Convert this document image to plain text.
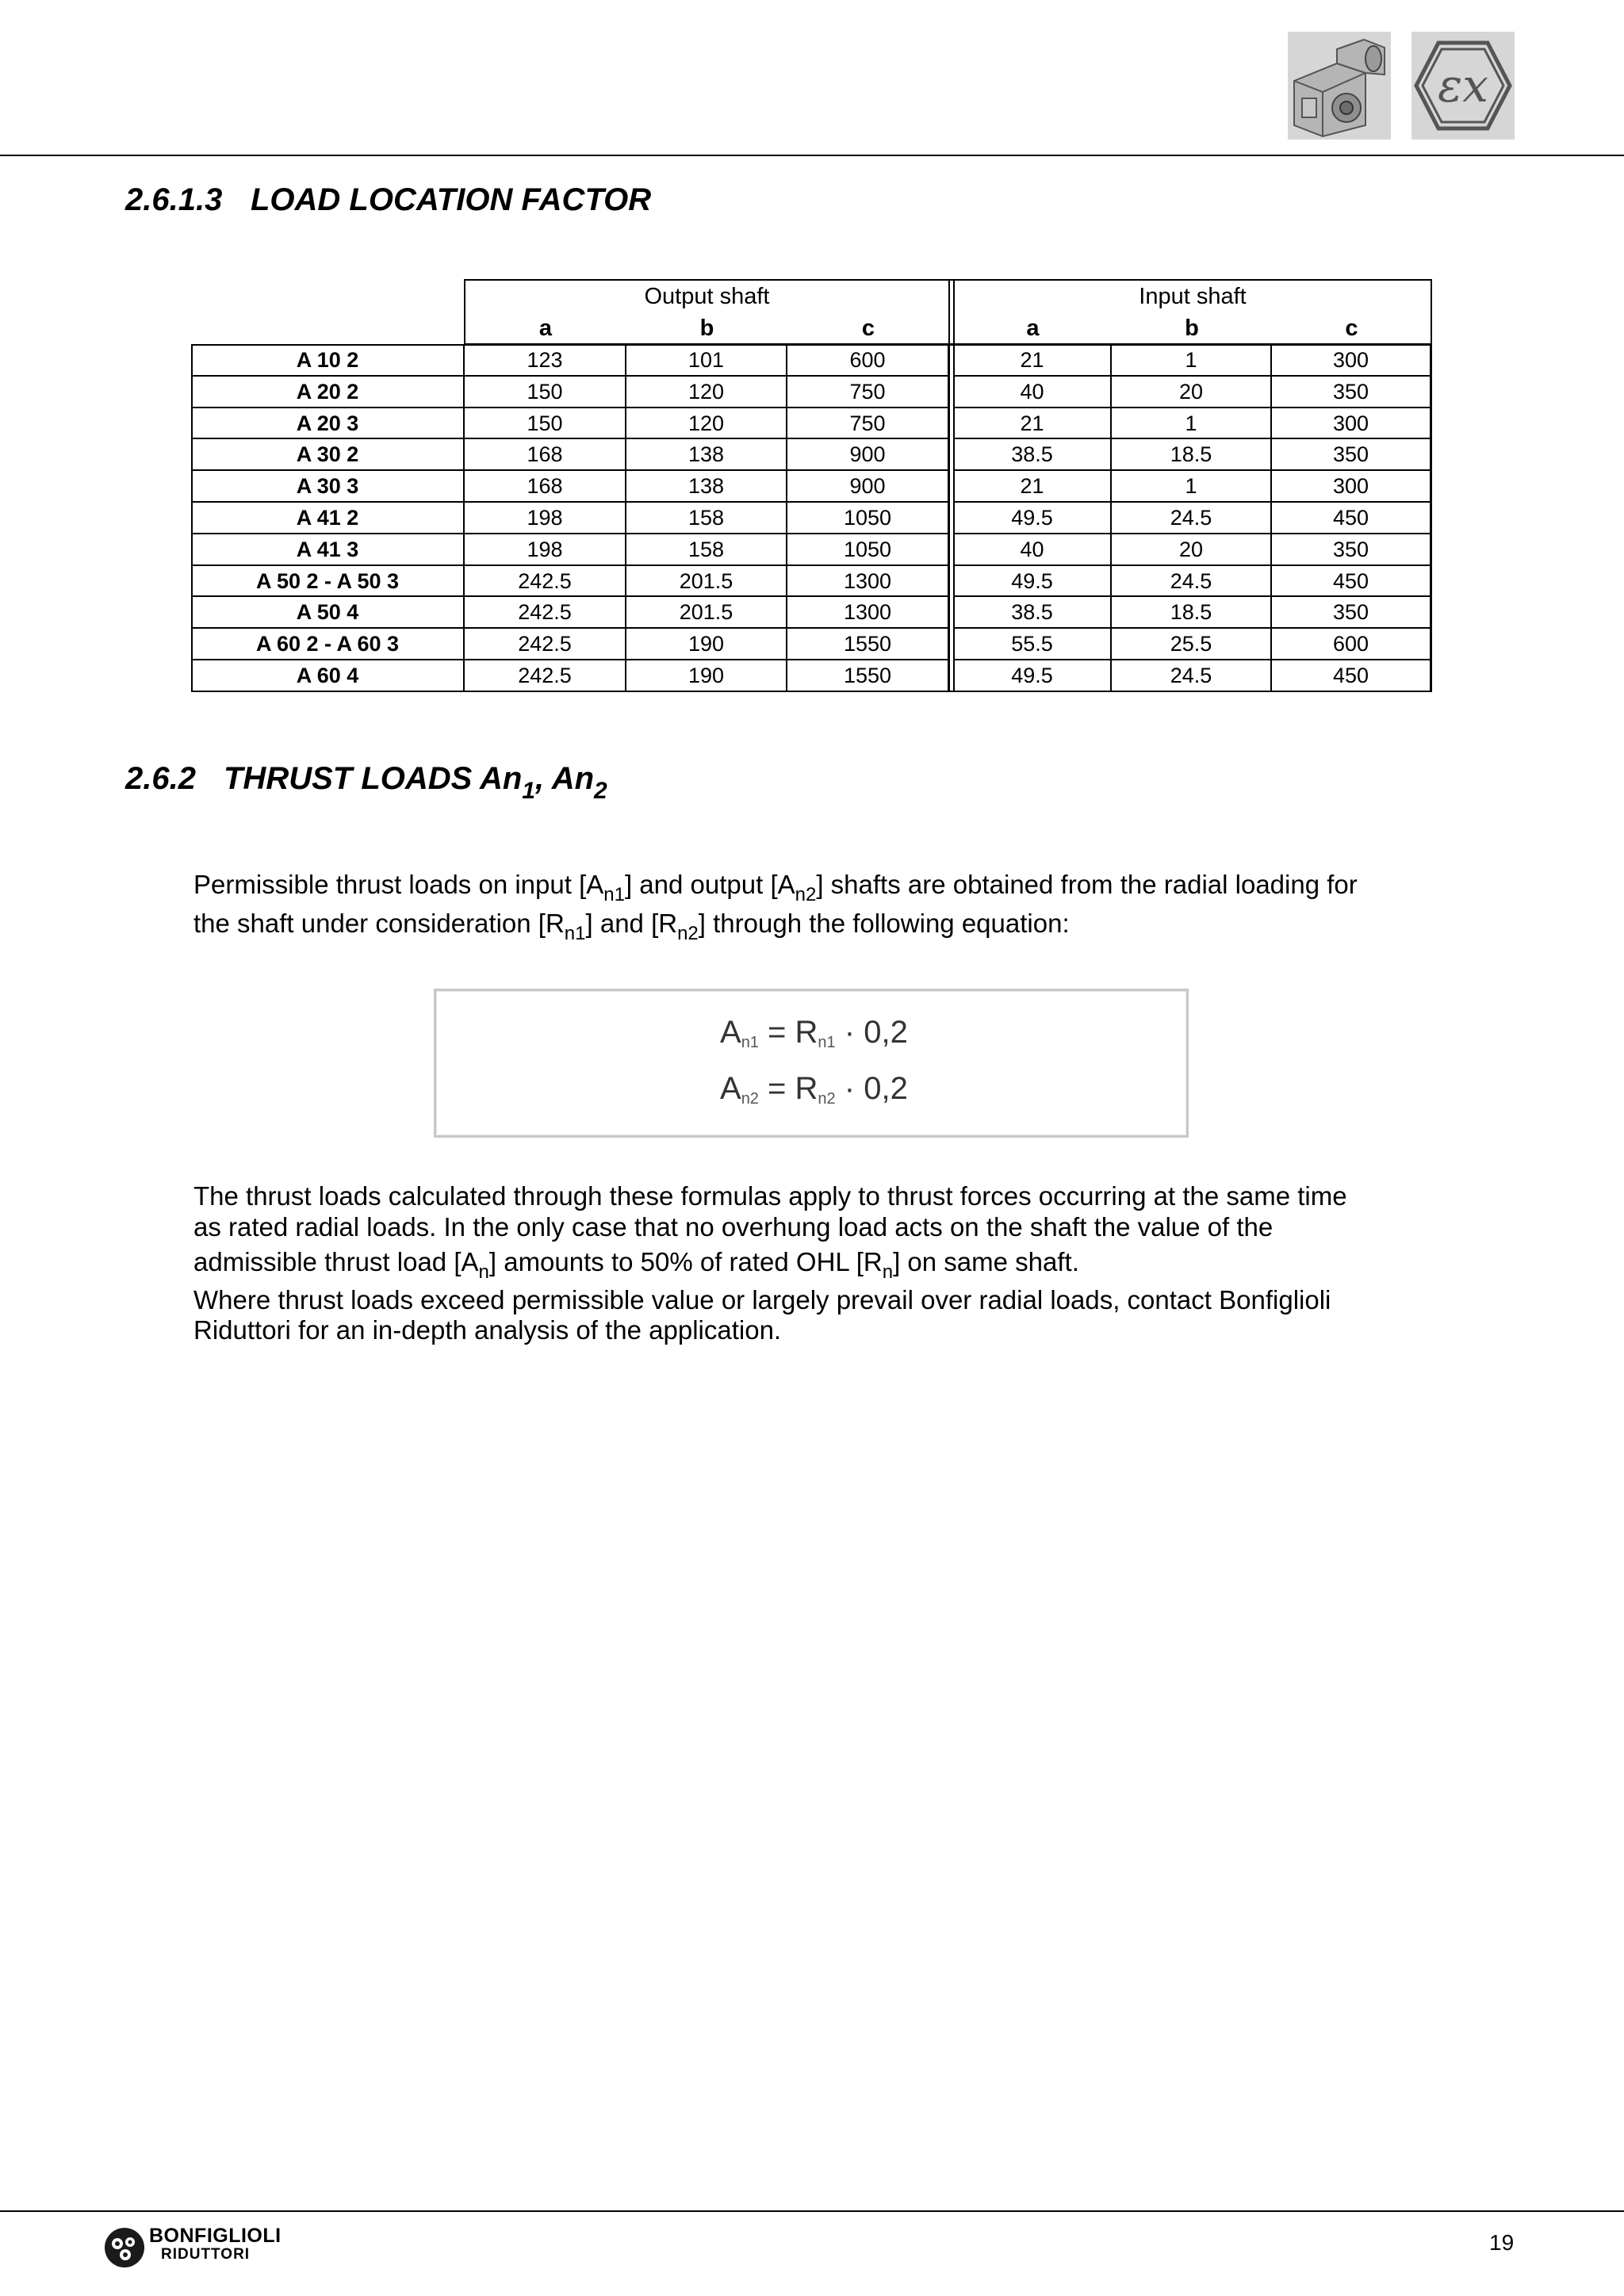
εx
2.6.1.3 LOAD LOCATION FACTOR
Output shaft	Input shaft
a	b	c	a	b	c
A 10 2	123	101	600	21	1	300
A 20 2	150	120	750	40	20	350
A 20 3	150	120	750	21	1	300
A 30 2	168	138	900	38.5	18.5	350
A 30 3	168	138	900	21	1	300
A 41 2	198	158	1050	49.5	24.5	450
A 41 3	198	158	1050	40	20	350
A 50 2 - A 50 3	242.5	201.5	1300	49.5	24.5	450
A 50 4	242.5	201.5	1300	38.5	18.5	350
A 60 2 - A 60 3	242.5	190	1550	55.5	25.5	600
A 60 4	242.5	190	1550	49.5	24.5	450
2.6.2 THRUST LOADS $An_1$, $An_2$
Permissible thrust loads on input $[A_{n1}]$ and output $[A_{n2}]$ shafts are obtained from the radial loading for
the shaft under consideration $[R_{n1}]$ and $[R_{n2}]$ through the following equation:
$A_{n1} = R_{n1} \cdot 0,2$
$A_{n2} = R_{n2} \cdot 0,2$
The thrust loads calculated through these formulas apply to thrust forces occurring at the same time
as rated radial loads. In the only case that no overhung load acts on the shaft the value of the
admissible thrust load $[A_n]$ amounts to 50% of rated OHL $[R_n]$ on same shaft.
Where thrust loads exceed permissible value or largely prevail over radial loads, contact Bonfiglioli
Riduttori for an in-depth analysis of the application.
BONFIGLIOLI
RIDUTTORI	19
